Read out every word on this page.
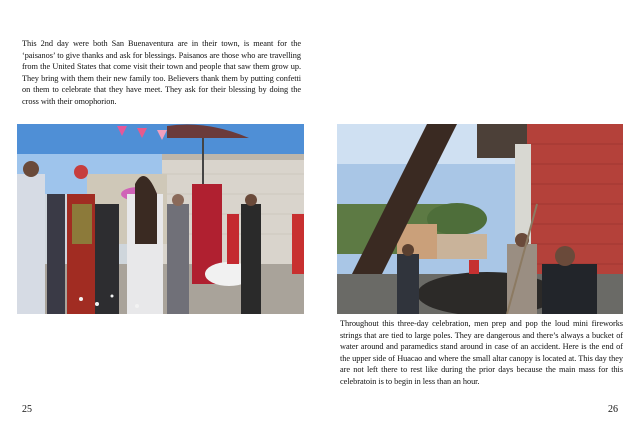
This 2nd day were both San Buenaventura are in their town, is meant for the ‘paisanos’ to give thanks and ask for blessings. Paisanos are those who are travelling from the United States that come visit their town and people that saw them grow up. They bring with them their new family too. Believers thank them by putting confetti on them to celebrate that they have meet. They ask for their blessing by doing the cross with their omophorion.

25

Throughout this three-day celebration, men prep and pop the loud mini fireworks strings that are tied to large poles. They are dangerous and there’s always a bucket of water around and paramedics stand around in case of an accident. Here is the end of the upper side of Huacao and where the small altar canopy is located at. This day they are not left there to rest like during the prior days because the main mass for this celebratoin is to begin in less than an hour.

26
